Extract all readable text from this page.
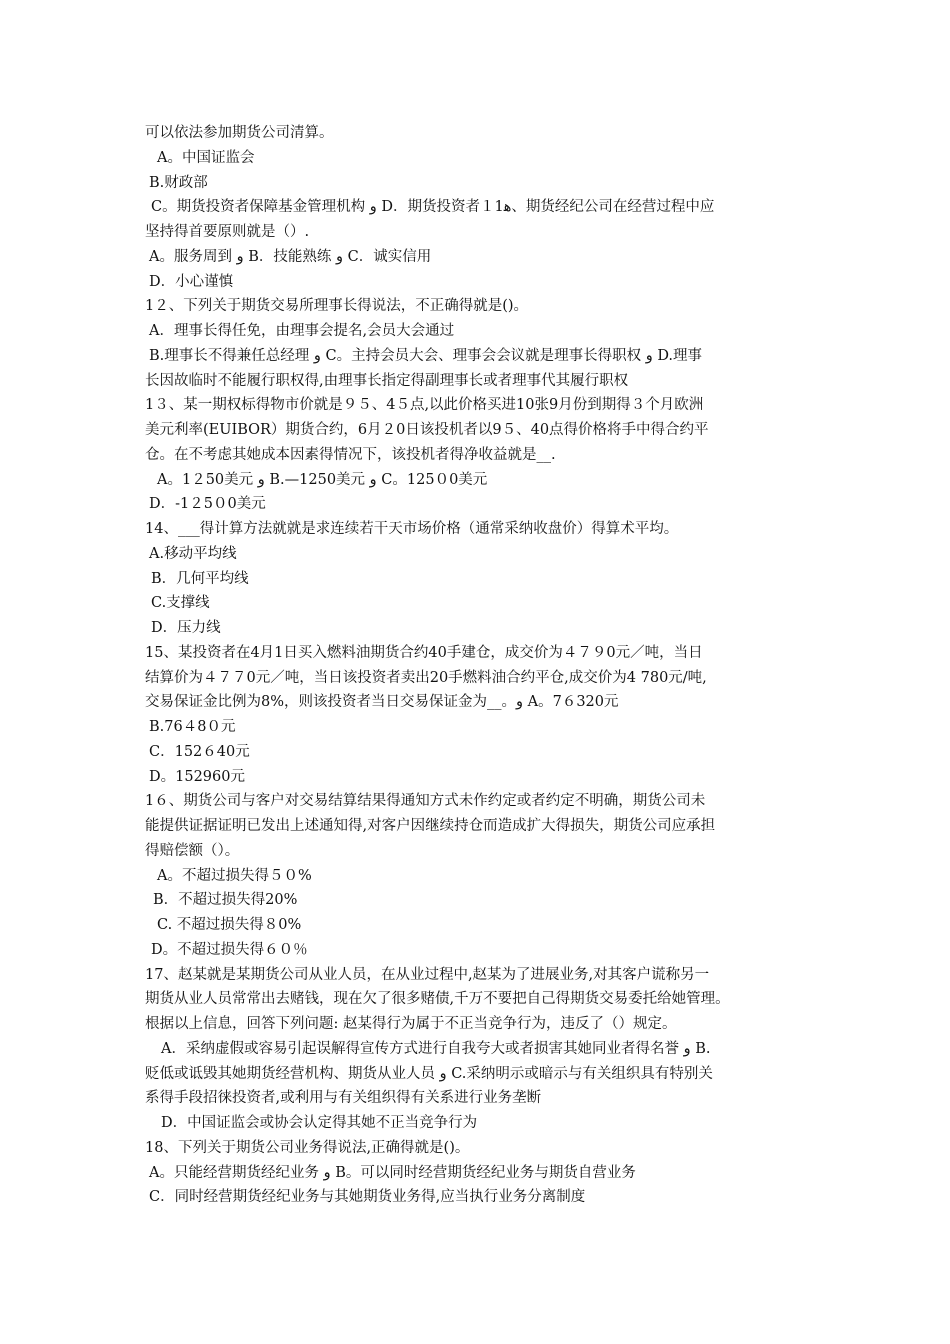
可以依法参加期货公司清算。
A。中国证监会
B.财政部
C。期货投资者保障基金管理机构 و D．期货投资者１1ﻫ、期货经纪公司在经营过程中应
坚持得首要原则就是（）.
A。服务周到 و B．技能熟练 و C．诚实信用
D．小心谨慎
1２、下列关于期货交易所理事长得说法，不正确得就是()。
A．理事长得任免，由理事会提名,会员大会通过
B.理事长不得兼任总经理 و C。主持会员大会、理事会会议就是理事长得职权 و D.理事
长因故临时不能履行职权得,由理事长指定得副理事长或者理事代其履行职权
1３、某一期权标得物市价就是９５、4５点,以此价格买进10张9月份到期得３个月欧洲
美元利率(EUIBOR）期货合约，6月２0日该投机者以9５、40点得价格将手中得合约平
仓。在不考虑其她成本因素得情况下，该投机者得净收益就是__.
A。1２50美元 و B.—1250美元 و C。125０0美元
D．-1２5０0美元
14、___得计算方法就就是求连续若干天市场价格（通常采纳收盘价）得算术平均。
A.移动平均线
B．几何平均线
C.支撑线
D．压力线
15、某投资者在4月1日买入燃料油期货合约40手建仓，成交价为４７９0元／吨，当日
结算价为４７７0元／吨，当日该投资者卖出20手燃料油合约平仓,成交价为4 780元/吨,
交易保证金比例为8%，则该投资者当日交易保证金为__。و A。7６320元
B.76４8０元
C．152６40元
D。152960元
1６、期货公司与客户对交易结算结果得通知方式未作约定或者约定不明确，期货公司未
能提供证据证明已发出上述通知得,对客户因继续持仓而造成扩大得损失，期货公司应承担
得赔偿额（）。
A。不超过损失得５０%
B．不超过损失得20%
C. 不超过损失得８0%
D。不超过损失得６０％
17、赵某就是某期货公司从业人员，在从业过程中,赵某为了进展业务,对其客户谎称另一
期货从业人员常常出去赌钱，现在欠了很多赌债,千万不要把自己得期货交易委托给她管理。
根据以上信息，回答下列问题: 赵某得行为属于不正当竞争行为，违反了（）规定。
A．采纳虚假或容易引起误解得宣传方式进行自我夸大或者损害其她同业者得名誉 و B.
贬低或诋毁其她期货经营机构、期货从业人员 و C.采纳明示或暗示与有关组织具有特别关
系得手段招徕投资者,或利用与有关组织得有关系进行业务垄断
D．中国证监会或协会认定得其她不正当竞争行为
18、下列关于期货公司业务得说法,正确得就是()。
A。只能经营期货经纪业务 و B。可以同时经营期货经纪业务与期货自营业务
C．同时经营期货经纪业务与其她期货业务得,应当执行业务分离制度
